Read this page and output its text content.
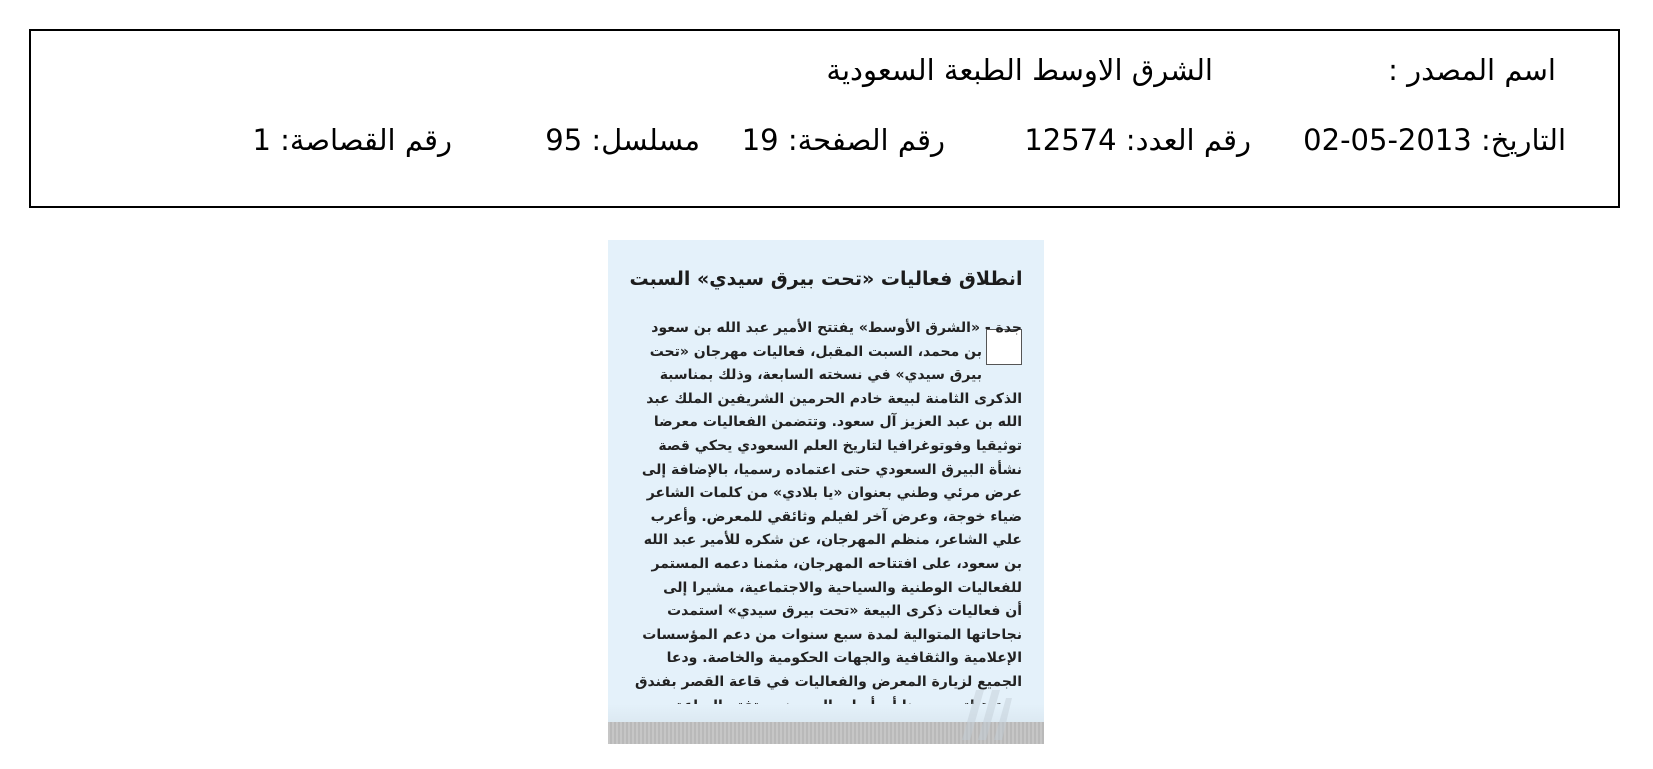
اسم المصدر :
الشرق الاوسط الطبعة السعودية
التاريخ: 2013-05-02
رقم العدد: 12574
رقم الصفحة: 19
مسلسل: 95
رقم القصاصة: 1
انطلاق فعاليات «تحت بيرق سيدي» السبت
جدة - «الشرق الأوسط» يفتتح الأمير عبد الله بن سعود
بن محمد، السبت المقبل، فعاليات مهرجان «تحت
بيرق سيدي» في نسخته السابعة، وذلك بمناسبة
الذكرى الثامنة لبيعة خادم الحرمين الشريفين الملك عبد
الله بن عبد العزيز آل سعود. وتتضمن الفعاليات معرضا
توثيقيا وفوتوغرافيا لتاريخ العلم السعودي يحكي قصة
نشأة البيرق السعودي حتى اعتماده رسميا، بالإضافة إلى
عرض مرئي وطني بعنوان «يا بلادي» من كلمات الشاعر
ضياء خوجة، وعرض آخر لفيلم وثائقي للمعرض. وأعرب
علي الشاعر، منظم المهرجان، عن شكره للأمير عبد الله
بن سعود، على افتتاحه المهرجان، مثمنا دعمه المستمر
للفعاليات الوطنية والسياحية والاجتماعية، مشيرا إلى
أن فعاليات ذكرى البيعة «تحت بيرق سيدي» استمدت
نجاحاتها المتوالية لمدة سبع سنوات من دعم المؤسسات
الإعلامية والثقافية والجهات الحكومية والخاصة. ودعا
الجميع لزيارة المعرض والفعاليات في قاعة القصر بفندق
